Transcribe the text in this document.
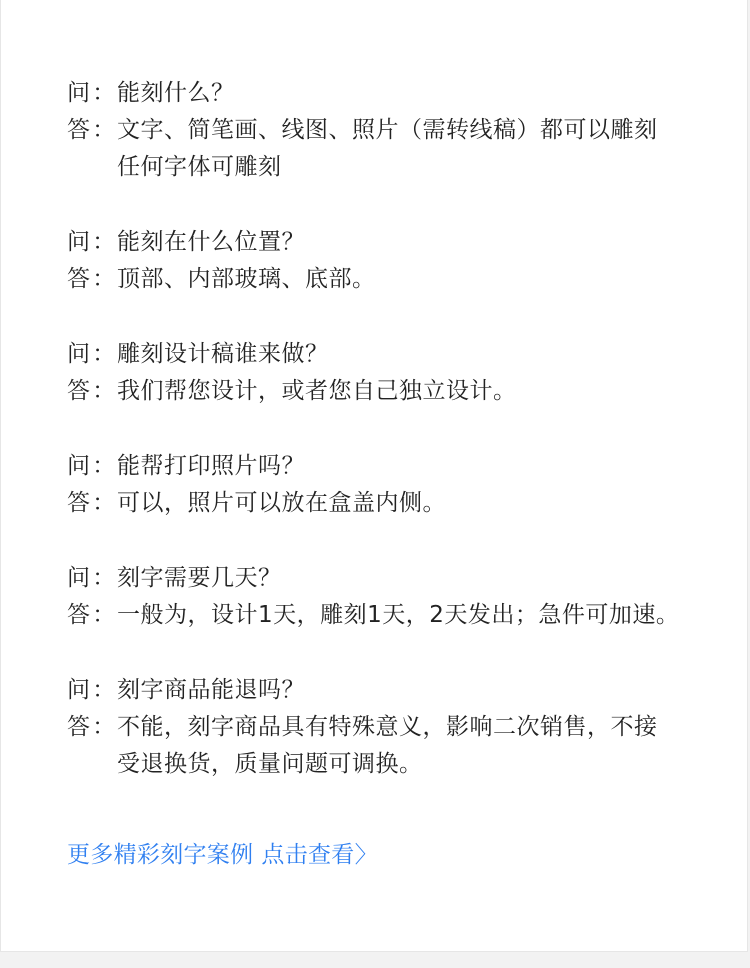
问 ： 能刻什么？
答 ： 文字、简笔画、线图、照片（需转线稿）都可以雕刻
任何字体可雕刻
问 ： 能刻在什么位置？
答 ： 顶部、内部玻璃、底部。
问 ： 雕刻设计稿谁来做？
答 ： 我们帮您设计，或者您自己独立设计。
问 ： 能帮打印照片吗？
答 ： 可以，照片可以放在盒盖内侧。
问 ： 刻字需要几天？
答 ： 一般为，设计1天，雕刻1天，2天发出；急件可加速。
问 ： 刻字商品能退吗？
答 ： 不能，刻字商品具有特殊意义，影响二次销售，不接
受退换货，质量问题可调换。
更多精彩刻字案例 点击查看〉
